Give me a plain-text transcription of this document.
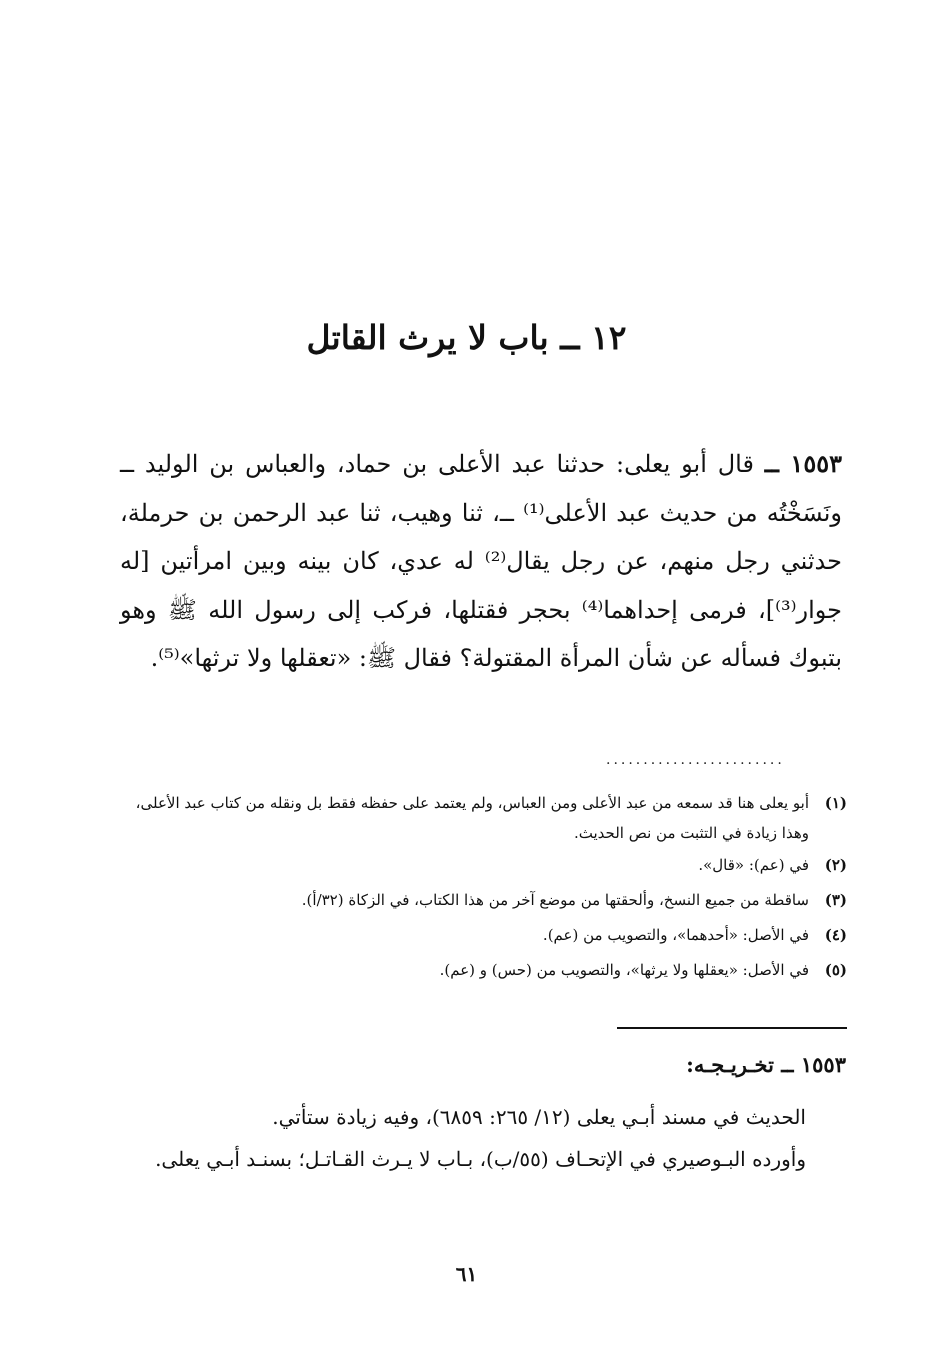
١٢ ــ باب لا يرث القاتل
١٥٥٣ ــ قال أبو يعلى: حدثنا عبد الأعلى بن حماد، والعباس بن الوليد ــ ونَسَخْتُه من حديث عبد الأعلى⁽¹⁾ ــ، ثنا وهيب، ثنا عبد الرحمن بن حرملة، حدثني رجل منهم، عن رجل يقال⁽²⁾ له عدي، كان بينه وبين امرأتين [له جوار⁽³⁾]، فرمى إحداهما⁽⁴⁾ بحجر فقتلها، فركب إلى رسول الله ﷺ وهو بتبوك فسأله عن شأن المرأة المقتولة؟ فقال ﷺ: «تعقلها ولا ترثها»⁽⁵⁾.
........................
(١)
أبو يعلى هنا قد سمعه من عبد الأعلى ومن العباس، ولم يعتمد على حفظه فقط بل ونقله من كتاب عبد الأعلى، وهذا زيادة في التثبت من نص الحديث.
(٢)
في (عم): «قال».
(٣)
ساقطة من جميع النسخ، وألحقتها من موضع آخر من هذا الكتاب، في الزكاة (٣٢/أ).
(٤)
في الأصل: «أحدهما»، والتصويب من (عم).
(٥)
في الأصل: «يعقلها ولا يرثها»، والتصويب من (حس) و (عم).
١٥٥٣ ــ تخـريـجـه:

الحديث في مسند أبـي يعلى (١٢/ ٢٦٥: ٦٨٥٩)، وفيه زيادة ستأتي.

وأورده البـوصيري في الإتحـاف (٥٥/ب)، بـاب لا يـرث القـاتـل؛ بسنـد أبـي يعلى.

٦١
